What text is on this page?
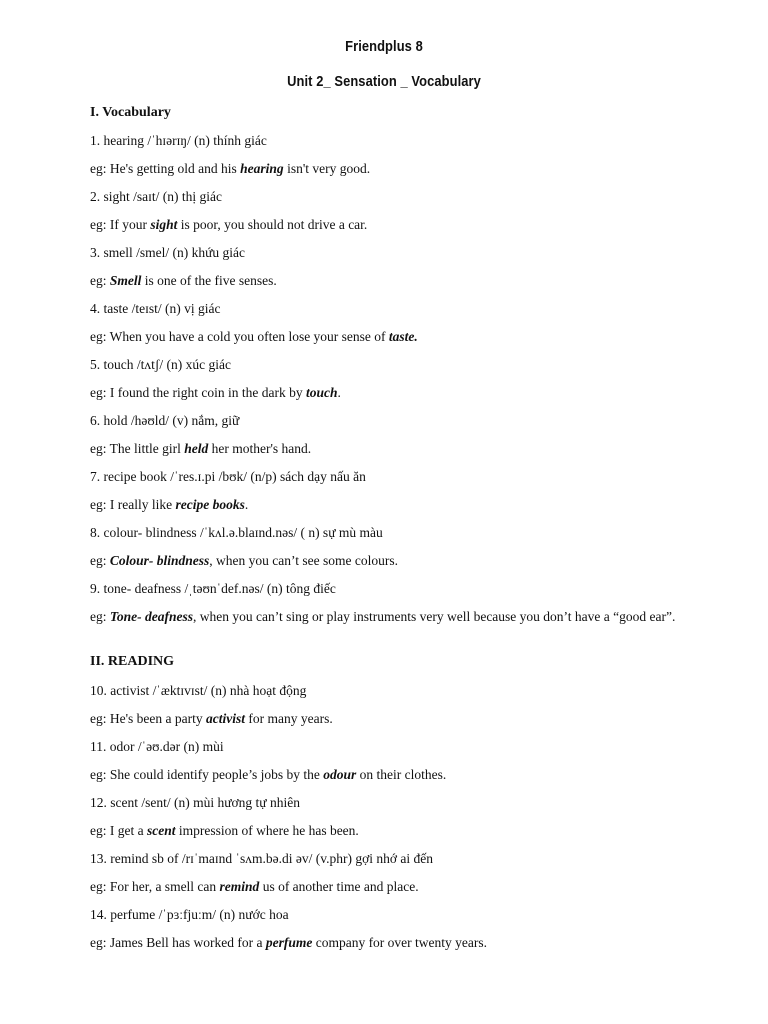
Friendplus 8
Unit 2_ Sensation _ Vocabulary
I. Vocabulary
1. hearing /ˈhɪərɪŋ/ (n) thính giác
eg: He's getting old and his hearing isn't very good.
2. sight /saɪt/ (n) thị giác
eg: If your sight is poor, you should not drive a car.
3. smell /smel/ (n) khứu giác
eg: Smell is one of the five senses.
4. taste /teɪst/ (n) vị giác
eg: When you have a cold you often lose your sense of taste.
5. touch /tʌtʃ/ (n) xúc giác
eg: I found the right coin in the dark by touch.
6. hold /həʊld/ (v) nắm, giữ
eg: The little girl held her mother's hand.
7. recipe book /ˈres.ɪ.pi /bʊk/ (n/p) sách dạy nấu ăn
eg: I really like recipe books.
8. colour- blindness /ˈkʌl.ə.blaɪnd.nəs/ ( n) sự mù màu
eg: Colour- blindness, when you can’t see some colours.
9. tone- deafness /ˌtəʊnˈdef.nəs/ (n) tông điếc
eg: Tone- deafness, when you can’t sing or play instruments very well because you don’t have a “good ear”.
II. READING
10. activist /ˈæktɪvɪst/ (n) nhà hoạt động
eg: He's been a party activist for many years.
11. odor /ˈəʊ.dər (n) mùi
eg: She could identify people’s jobs by the odour on their clothes.
12. scent /sent/ (n) mùi hương tự nhiên
eg: I get a scent impression of where he has been.
13. remind sb of /rɪˈmaɪnd ˈsʌm.bə.di əv/ (v.phr) gợi nhớ ai đến
eg: For her, a smell can remind us of another time and place.
14. perfume /ˈpɜːfjuːm/ (n) nước hoa
eg: James Bell has worked for a perfume company for over twenty years.
